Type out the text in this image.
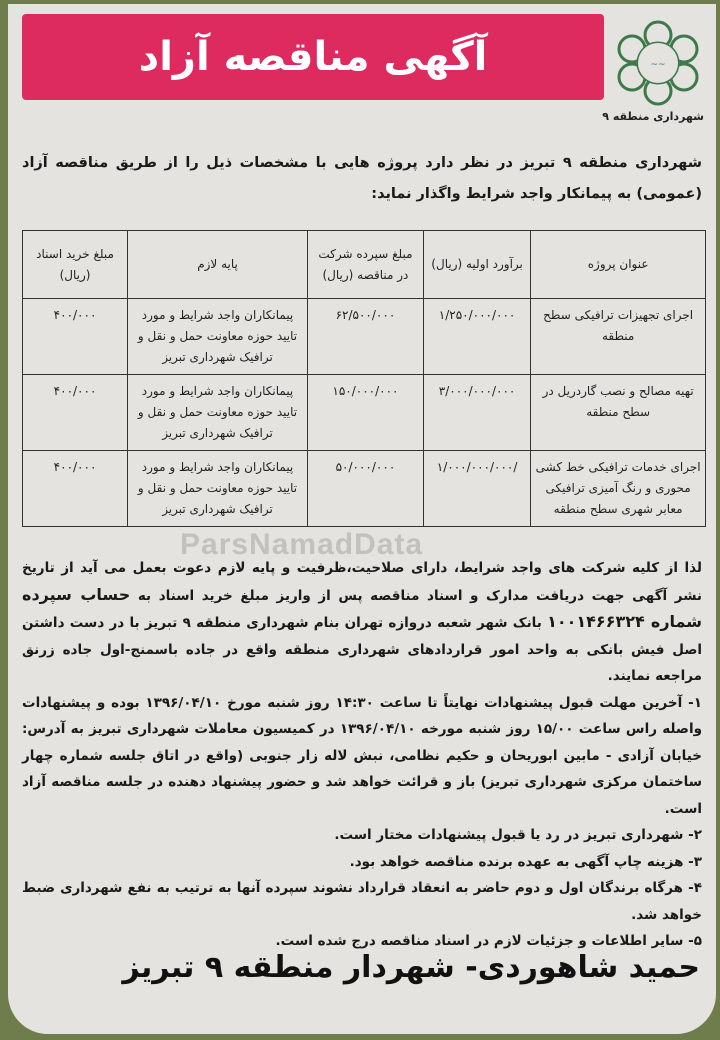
آگهی مناقصه آزاد	~~
شهرداری منطقه ۹
شهرداری منطقه ۹ تبریز در نظر دارد پروژه هایی با مشخصات ذیل را از طریق مناقصه آزاد (عمومی) به پیمانکار واجد شرایط واگذار نماید:
عنوان پروژه	برآورد اولیه (ریال)	مبلغ سپرده شرکت در مناقصه (ریال)	پایه لازم	مبلغ خرید اسناد (ریال)
اجرای تجهیزات ترافیکی سطح منطقه	۱/۲۵۰/۰۰۰/۰۰۰	۶۲/۵۰۰/۰۰۰	پیمانکاران واجد شرایط و مورد تایید حوزه معاونت حمل و نقل و ترافیک شهرداری تبریز	۴۰۰/۰۰۰
تهیه مصالح و نصب گاردریل در سطح منطقه	۳/۰۰۰/۰۰۰/۰۰۰	۱۵۰/۰۰۰/۰۰۰	پیمانکاران واجد شرایط و مورد تایید حوزه معاونت حمل و نقل و ترافیک شهرداری تبریز	۴۰۰/۰۰۰
اجرای خدمات ترافیکی خط کشی محوری و رنگ آمیزی ترافیکی معابر شهری سطح منطقه	/۱/۰۰۰/۰۰۰/۰۰۰	۵۰/۰۰۰/۰۰۰	پیمانکاران واجد شرایط و مورد تایید حوزه معاونت حمل و نقل و ترافیک شهرداری تبریز	۴۰۰/۰۰۰
ParsNamadData

لذا از کلیه شرکت های واجد شرایط، دارای صلاحیت،ظرفیت و پایه لازم دعوت بعمل می آید از تاریخ نشر آگهی جهت دریافت مدارک و اسناد مناقصه پس از واریز مبلغ خرید اسناد به حساب سپرده شماره ۱۰۰۱۴۶۶۳۲۴ بانک شهر شعبه دروازه تهران بنام شهرداری منطقه ۹ تبریز با در دست داشتن اصل فیش بانکی به واحد امور قراردادهای شهرداری منطقه واقع در جاده باسمنج-اول جاده زرنق مراجعه نمایند.

۱- آخرین مهلت قبول پیشنهادات نهایتاً تا ساعت ۱۴:۳۰ روز شنبه مورخ ۱۳۹۶/۰۴/۱۰ بوده و پیشنهادات واصله راس ساعت ۱۵/۰۰ روز شنبه مورخه ۱۳۹۶/۰۴/۱۰ در کمیسیون معاملات شهرداری تبریز به آدرس: خیابان آزادی - مابین ابوریحان و حکیم نظامی، نبش لاله زار جنوبی (واقع در اتاق جلسه شماره چهار ساختمان مرکزی شهرداری تبریز) باز و قرائت خواهد شد و حضور پیشنهاد دهنده در جلسه مناقصه آزاد است.

۲- شهرداری تبریز در رد یا قبول پیشنهادات مختار است.

۳- هزینه چاپ آگهی به عهده برنده مناقصه خواهد بود.

۴- هرگاه برندگان اول و دوم حاضر به انعقاد قرارداد نشوند سپرده آنها به ترتیب به نفع شهرداری ضبط خواهد شد.

۵- سایر اطلاعات و جزئیات لازم در اسناد مناقصه درج شده است.

حمید شاهوردی- شهردار منطقه ۹ تبریز
